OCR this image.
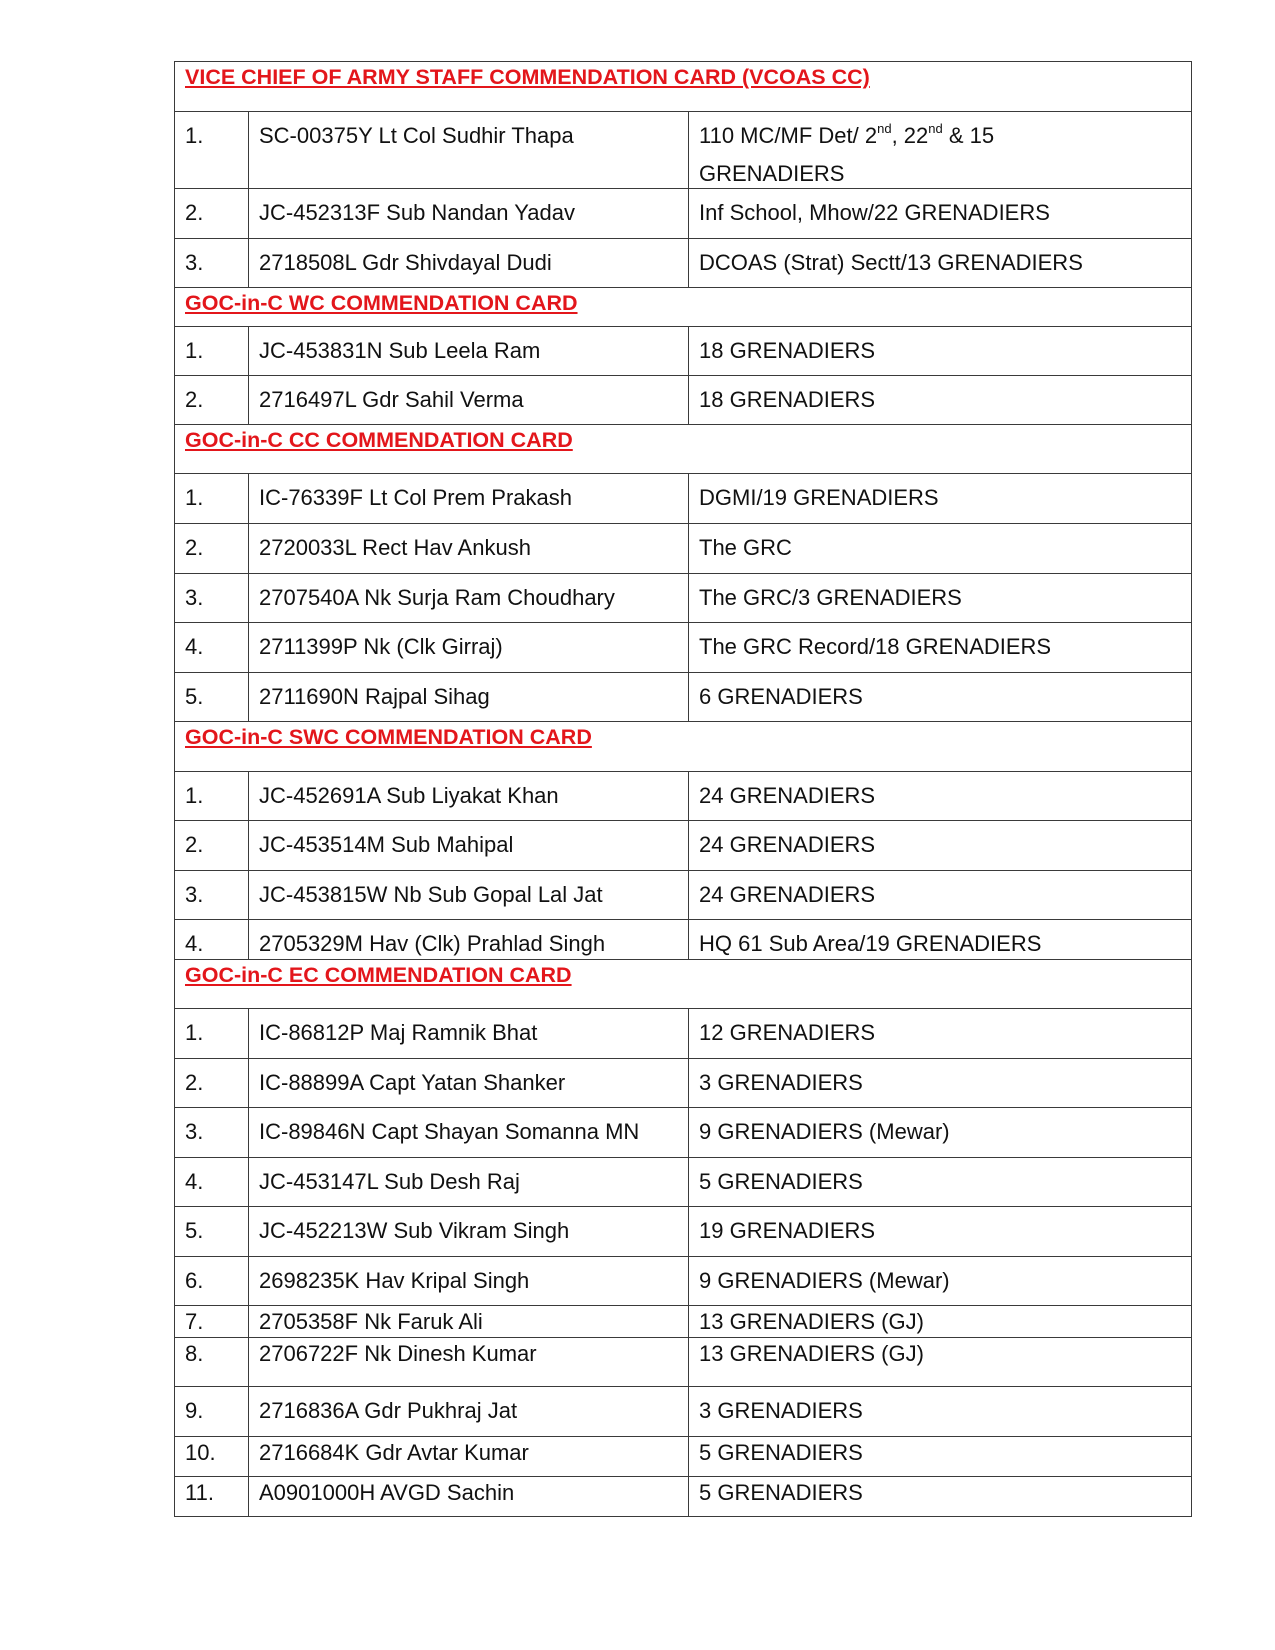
VICE CHIEF OF ARMY STAFF COMMENDATION CARD (VCOAS CC)		
1.	SC-00375Y Lt Col Sudhir Thapa	110 MC/MF Det/ 2nd, 22nd & 15
GRENADIERS

2.	JC-452313F Sub Nandan Yadav	Inf School, Mhow/22 GRENADIERS
3.	2718508L Gdr Shivdayal Dudi	DCOAS (Strat) Sectt/13 GRENADIERS
GOC-in-C WC COMMENDATION CARD		
1.	JC-453831N Sub Leela Ram	18 GRENADIERS
2.	2716497L Gdr Sahil Verma	18 GRENADIERS
GOC-in-C CC COMMENDATION CARD		
1.	IC-76339F Lt Col Prem Prakash	DGMI/19 GRENADIERS
2.	2720033L Rect Hav Ankush	The GRC
3.	2707540A Nk Surja Ram Choudhary	The GRC/3 GRENADIERS
4.	2711399P Nk (Clk Girraj)	The GRC Record/18 GRENADIERS
5.	2711690N Rajpal Sihag	6 GRENADIERS
GOC-in-C SWC COMMENDATION CARD		
1.	JC-452691A Sub Liyakat Khan	24 GRENADIERS
2.	JC-453514M Sub Mahipal	24 GRENADIERS
3.	JC-453815W Nb Sub Gopal Lal Jat	24 GRENADIERS
4.	2705329M Hav (Clk) Prahlad Singh	HQ 61 Sub Area/19 GRENADIERS
GOC-in-C EC COMMENDATION CARD		
1.	IC-86812P Maj Ramnik Bhat	12 GRENADIERS
2.	IC-88899A Capt Yatan Shanker	3 GRENADIERS
3.	IC-89846N Capt Shayan Somanna MN	9 GRENADIERS (Mewar)
4.	JC-453147L Sub Desh Raj	5 GRENADIERS
5.	JC-452213W Sub Vikram Singh	19 GRENADIERS
6.	2698235K Hav Kripal Singh	9 GRENADIERS (Mewar)
7.	2705358F Nk Faruk Ali	13 GRENADIERS (GJ)
8.	2706722F Nk Dinesh Kumar	13 GRENADIERS (GJ)
9.	2716836A Gdr Pukhraj Jat	3 GRENADIERS
10.	2716684K Gdr Avtar Kumar	5 GRENADIERS
11.	A0901000H AVGD Sachin	5 GRENADIERS
